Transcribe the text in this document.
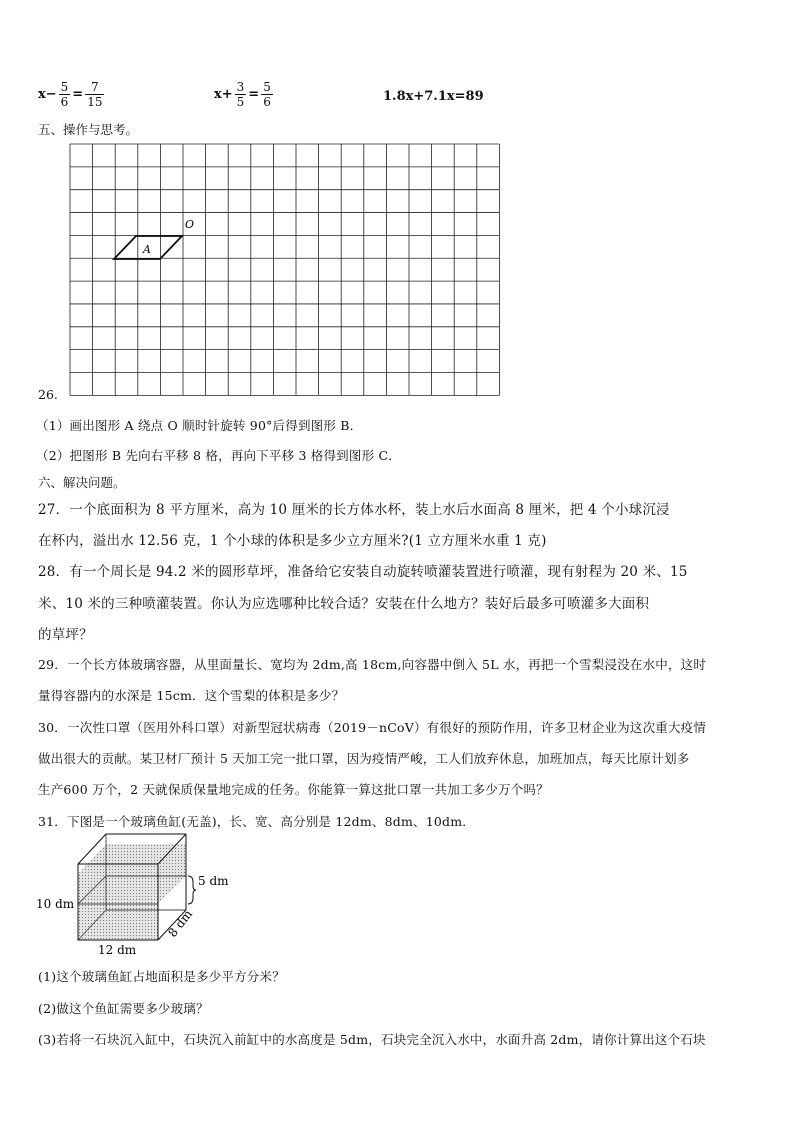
$x- \frac{5}{6} = \frac{7}{15}$	$x+ \frac{3}{5} = \frac{5}{6}$	1.8x+7.1x=89
五、操作与思考。
A
O
26.
（1）画出图形 A 绕点 O 顺时针旋转 90°后得到图形 B．
（2）把图形 B 先向右平移 8 格，再向下平移 3 格得到图形 C．
六、解决问题。
27．一个底面积为 8 平方厘米，高为 10 厘米的长方体水杯，装上水后水面高 8 厘米，把 4 个小球沉浸
在杯内，溢出水 12.56 克，1 个小球的体积是多少立方厘米?(1 立方厘米水重 1 克)
28．有一个周长是 94.2 米的圆形草坪，准备给它安装自动旋转喷灌装置进行喷灌，现有射程为 20 米、15
米、10 米的三种喷灌装置。你认为应选哪种比较合适？安装在什么地方？装好后最多可喷灌多大面积
的草坪？
29．一个长方体玻璃容器，从里面量长、宽均为 2dm,高 18cm,向容器中倒入 5L 水，再把一个雪梨浸没在水中，这时
量得容器内的水深是 15cm．这个雪梨的体积是多少？
30．一次性口罩（医用外科口罩）对新型冠状病毒（2019－nCoV）有很好的预防作用，许多卫材企业为这次重大疫情
做出很大的贡献。某卫材厂预计 5 天加工完一批口罩，因为疫情严峻，工人们放弃休息，加班加点，每天比原计划多
生产600 万个，2 天就保质保量地完成的任务。你能算一算这批口罩一共加工多少万个吗？
31．下图是一个玻璃鱼缸(无盖)，长、宽、高分别是 12dm、8dm、10dm．
5 dm
10 dm
8 dm
12 dm
(1)这个玻璃鱼缸占地面积是多少平方分米？
(2)做这个鱼缸需要多少玻璃？
(3)若将一石块沉入缸中，石块沉入前缸中的水高度是 5dm，石块完全沉入水中，水面升高 2dm，请你计算出这个石块
